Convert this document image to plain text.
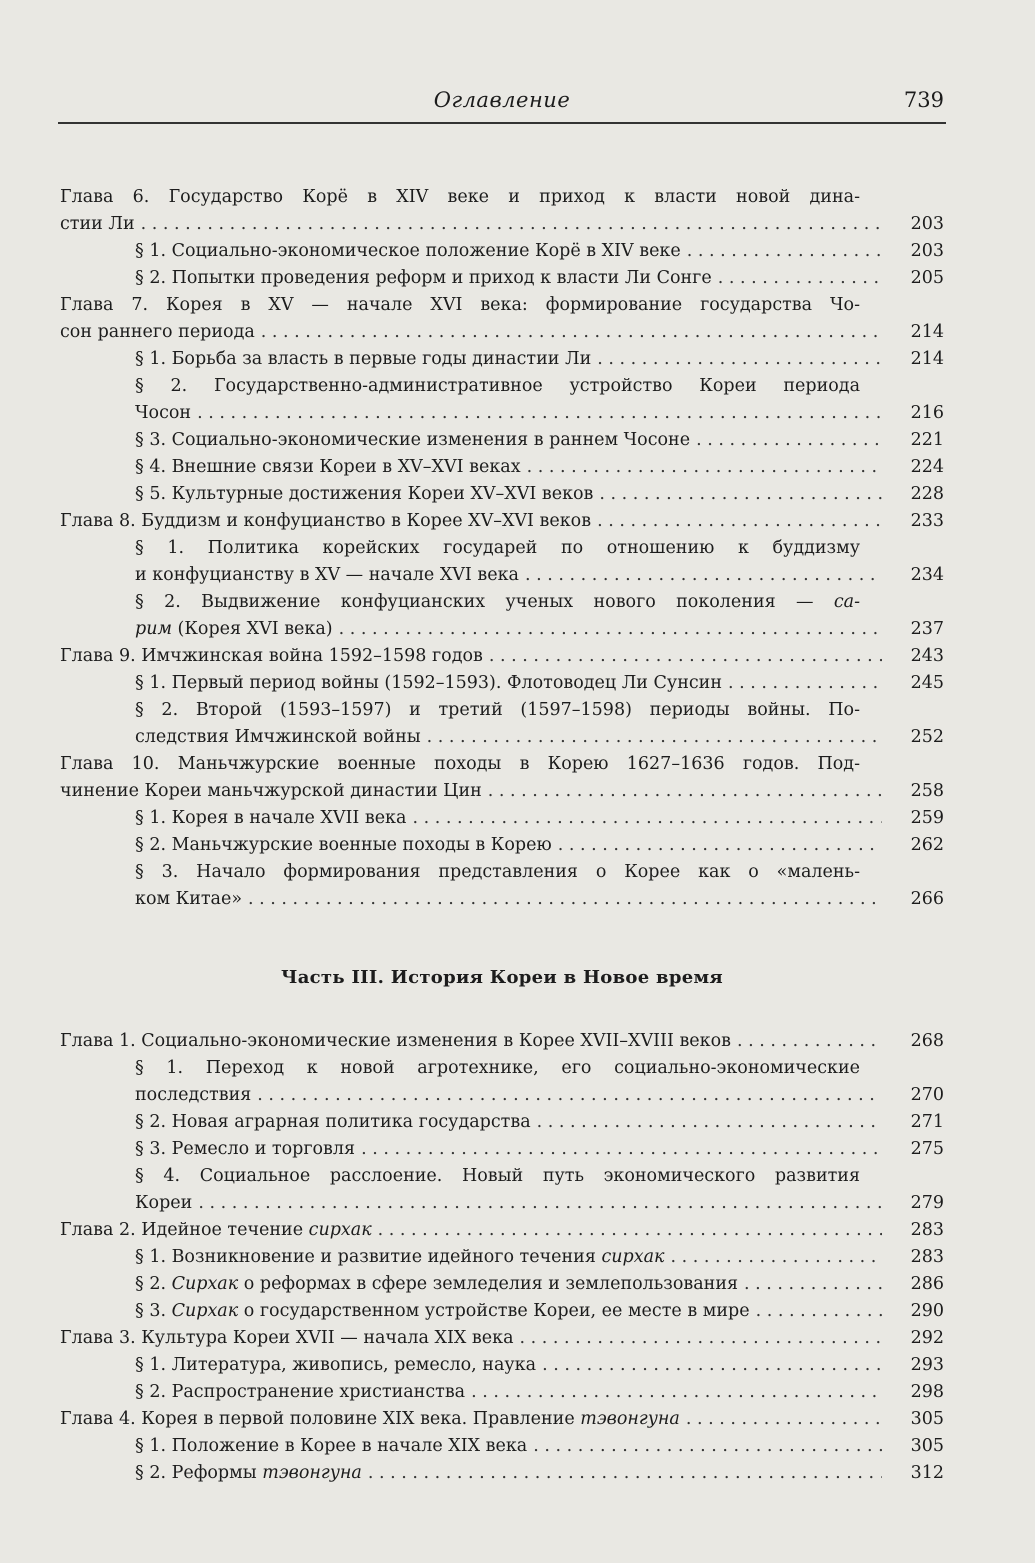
Оглавление	739
Глава 6. Государство Корё в XIV веке и приход к власти новой дина-
стии Ли . . .	203
§ 1. Социально-экономическое положение Корё в XIV веке . . .	203
§ 2. Попытки проведения реформ и приход к власти Ли Сонге . . .	205
Глава 7. Корея в XV — начале XVI века: формирование государства Чо-
сон раннего периода . . .	214
§ 1. Борьба за власть в первые годы династии Ли . . .	214
§ 2. Государственно-административное устройство Кореи периода
Чосон . . .	216
§ 3. Социально-экономические изменения в раннем Чосоне . . .	221
§ 4. Внешние связи Кореи в XV–XVI веках . . .	224
§ 5. Культурные достижения Кореи XV–XVI веков . . .	228
Глава 8. Буддизм и конфуцианство в Корее XV–XVI веков . . .	233
§ 1. Политика корейских государей по отношению к буддизму
и конфуцианству в XV — начале XVI века . . .	234
§ 2. Выдвижение конфуцианских ученых нового поколения — са-
рим (Корея XVI века) . . .	237
Глава 9. Имчжинская война 1592–1598 годов . . .	243
§ 1. Первый период войны (1592–1593). Флотоводец Ли Сунсин . . .	245
§ 2. Второй (1593–1597) и третий (1597–1598) периоды войны. По-
следствия Имчжинской войны . . .	252
Глава 10. Маньчжурские военные походы в Корею 1627–1636 годов. Под-
чинение Кореи маньчжурской династии Цин . . .	258
§ 1. Корея в начале XVII века . . .	259
§ 2. Маньчжурские военные походы в Корею . . .	262
§ 3. Начало формирования представления о Корее как о «малень-
ком Китае» . . .	266
Часть III. История Кореи в Новое время
Глава 1. Социально-экономические изменения в Корее XVII–XVIII веков . . .	268
§ 1. Переход к новой агротехнике, его социально-экономические
последствия . . .	270
§ 2. Новая аграрная политика государства . . .	271
§ 3. Ремесло и торговля . . .	275
§ 4. Социальное расслоение. Новый путь экономического развития
Кореи . . .	279
Глава 2. Идейное течение сирхак . . .	283
§ 1. Возникновение и развитие идейного течения сирхак . . .	283
§ 2. Сирхак о реформах в сфере земледелия и землепользования . . .	286
§ 3. Сирхак о государственном устройстве Кореи, ее месте в мире . . .	290
Глава 3. Культура Кореи XVII — начала XIX века . . .	292
§ 1. Литература, живопись, ремесло, наука . . .	293
§ 2. Распространение христианства . . .	298
Глава 4. Корея в первой половине XIX века. Правление тэвонгуна . . .	305
§ 1. Положение в Корее в начале XIX века . . .	305
§ 2. Реформы тэвонгуна . . .	312
